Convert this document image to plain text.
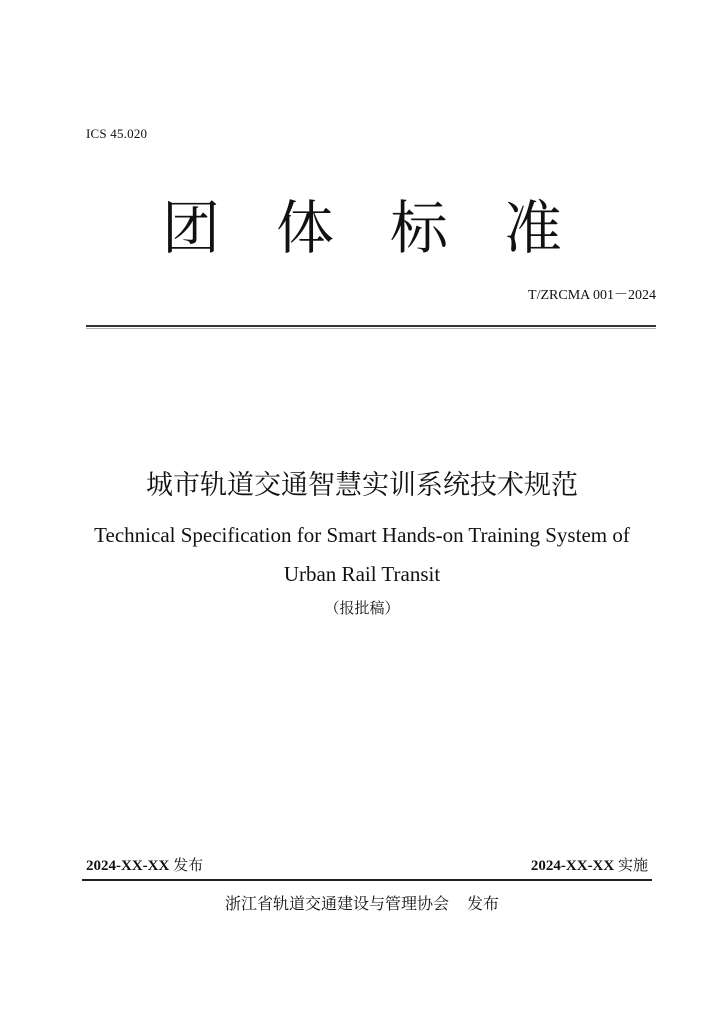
ICS 45.020
团 体 标 准
T/ZRCMA 001－2024
城市轨道交通智慧实训系统技术规范
Technical Specification for Smart Hands-on Training System of
Urban Rail Transit
（报批稿）
2024-XX-XX 发布	2024-XX-XX 实施
浙江省轨道交通建设与管理协会 发布
